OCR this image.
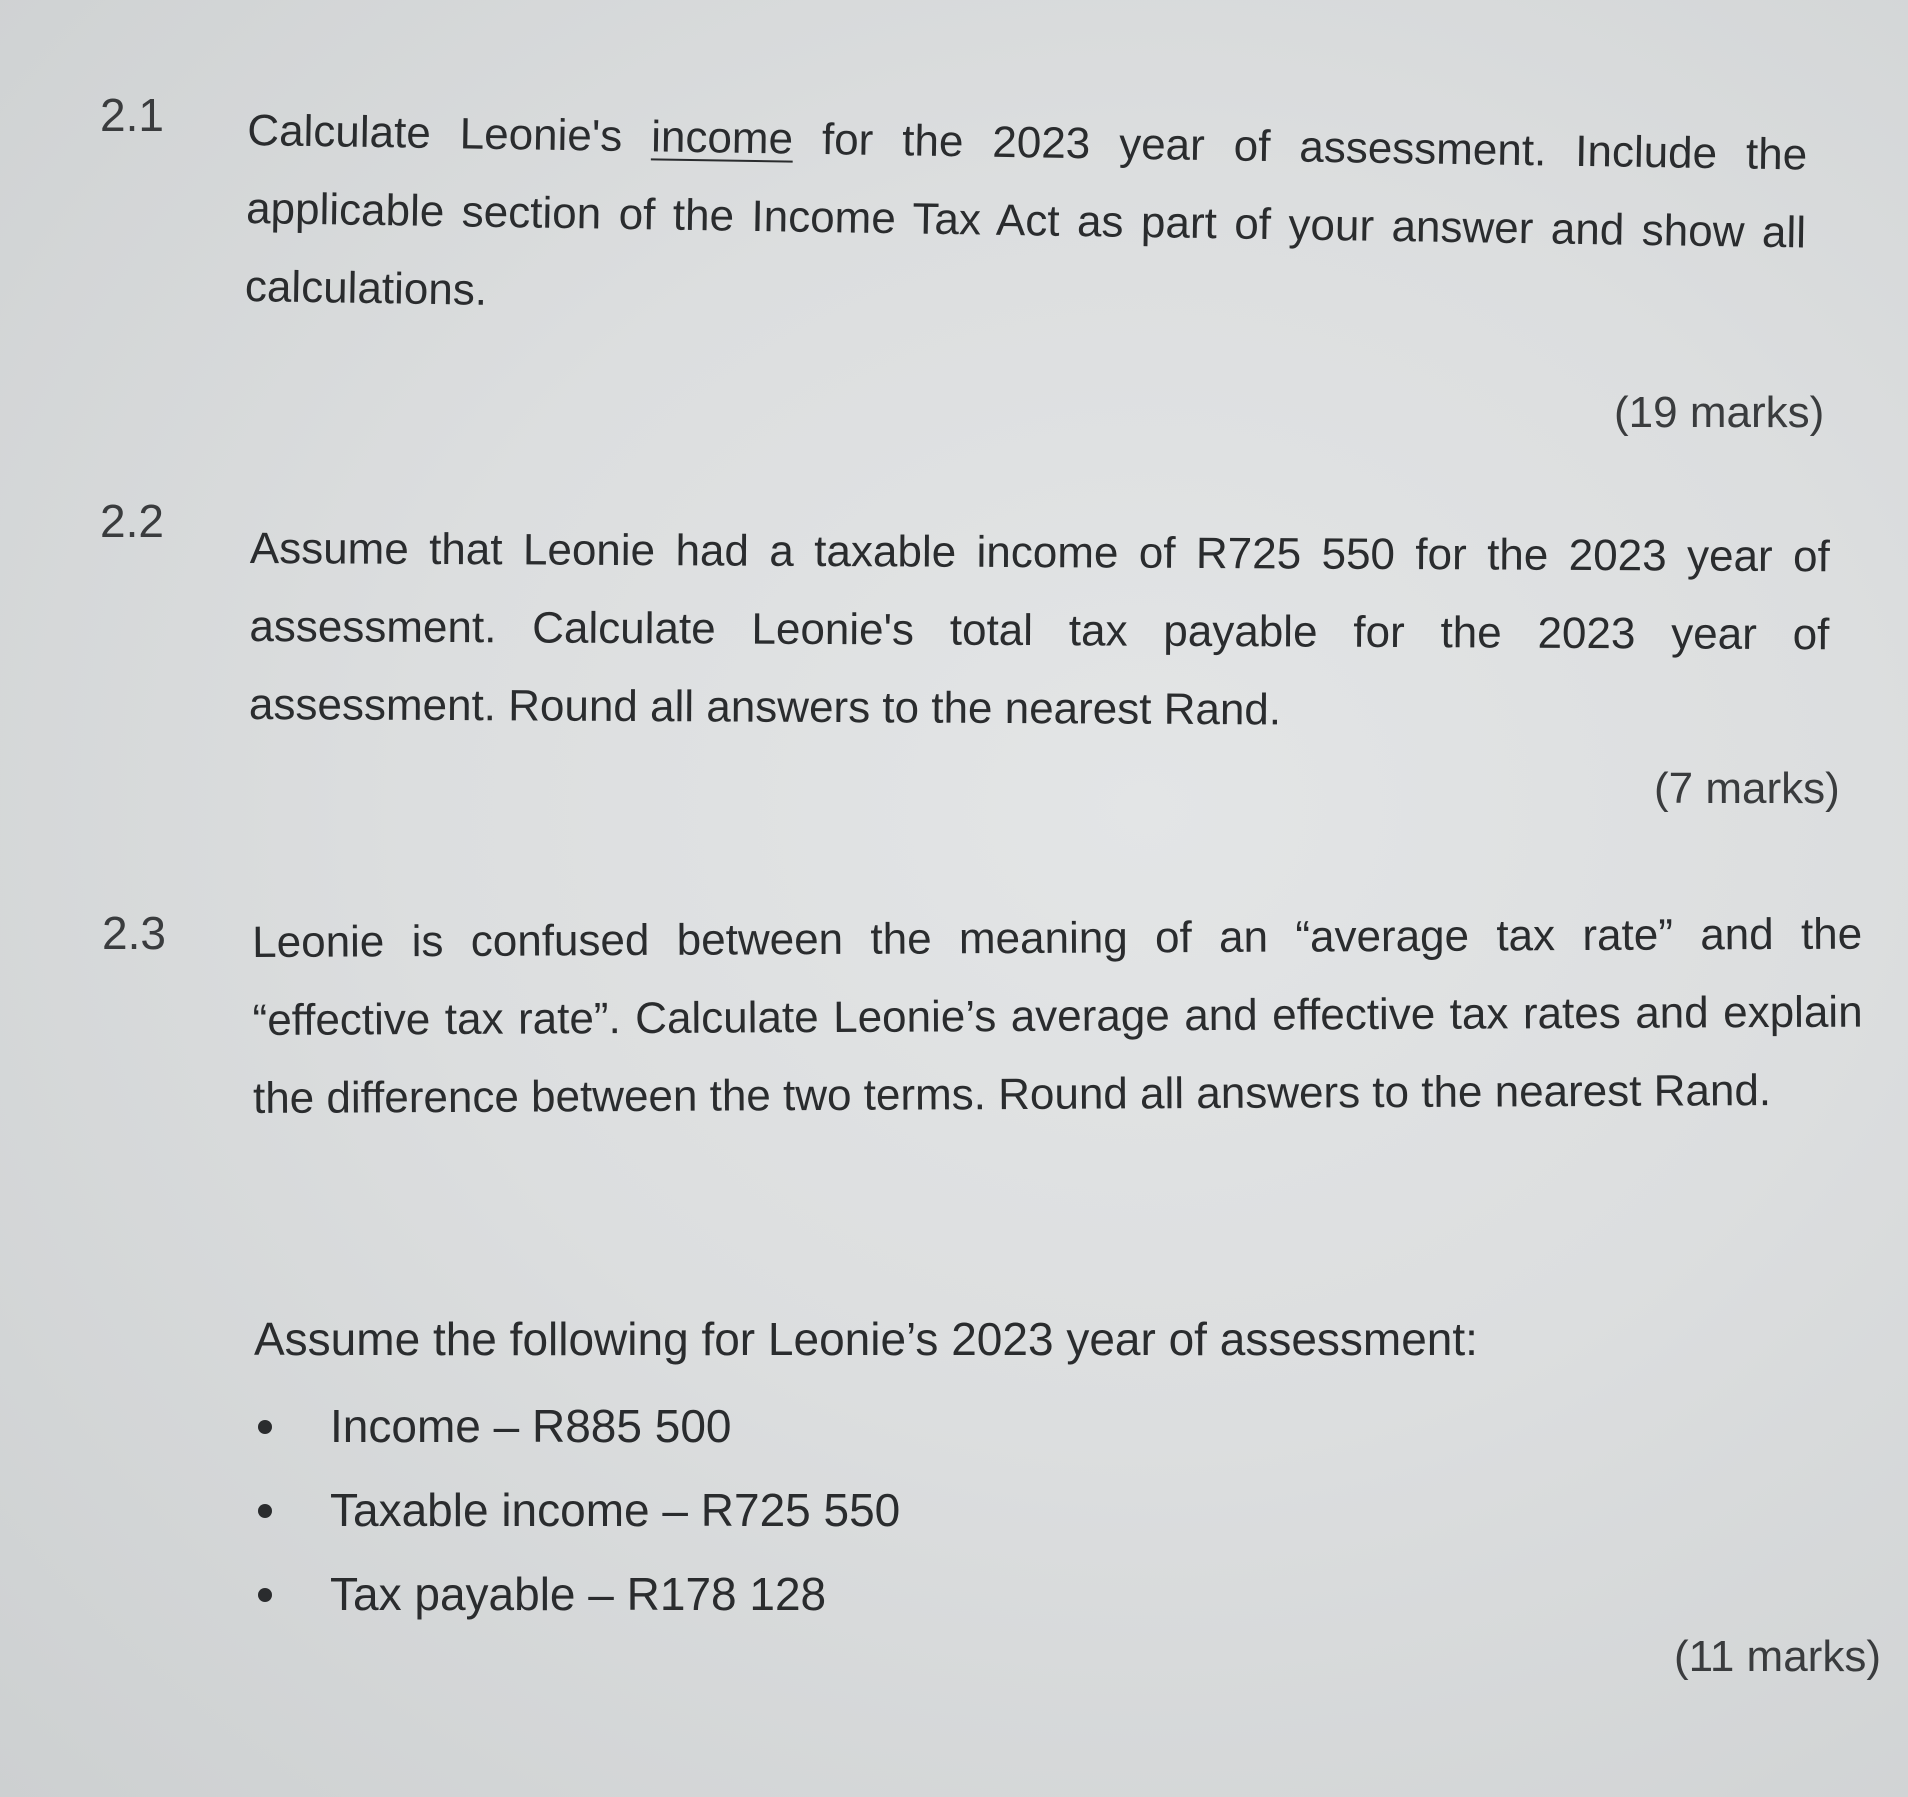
2.1 Calculate Leonie's income for the 2023 year of assessment. Include the applicable section of the Income Tax Act as part of your answer and show all calculations.
(19 marks)
2.2
Assume that Leonie had a taxable income of R725 550 for the 2023 year of assessment. Calculate Leonie's total tax payable for the 2023 year of assessment. Round all answers to the nearest Rand.
(7 marks)
2.3 Leonie is confused between the meaning of an “average tax rate” and the “effective tax rate”. Calculate Leonie’s average and effective tax rates and explain the difference between the two terms. Round all answers to the nearest Rand.
Assume the following for Leonie’s 2023 year of assessment:
Income – R885 500
Taxable income – R725 550
Tax payable – R178 128
(11 marks)
